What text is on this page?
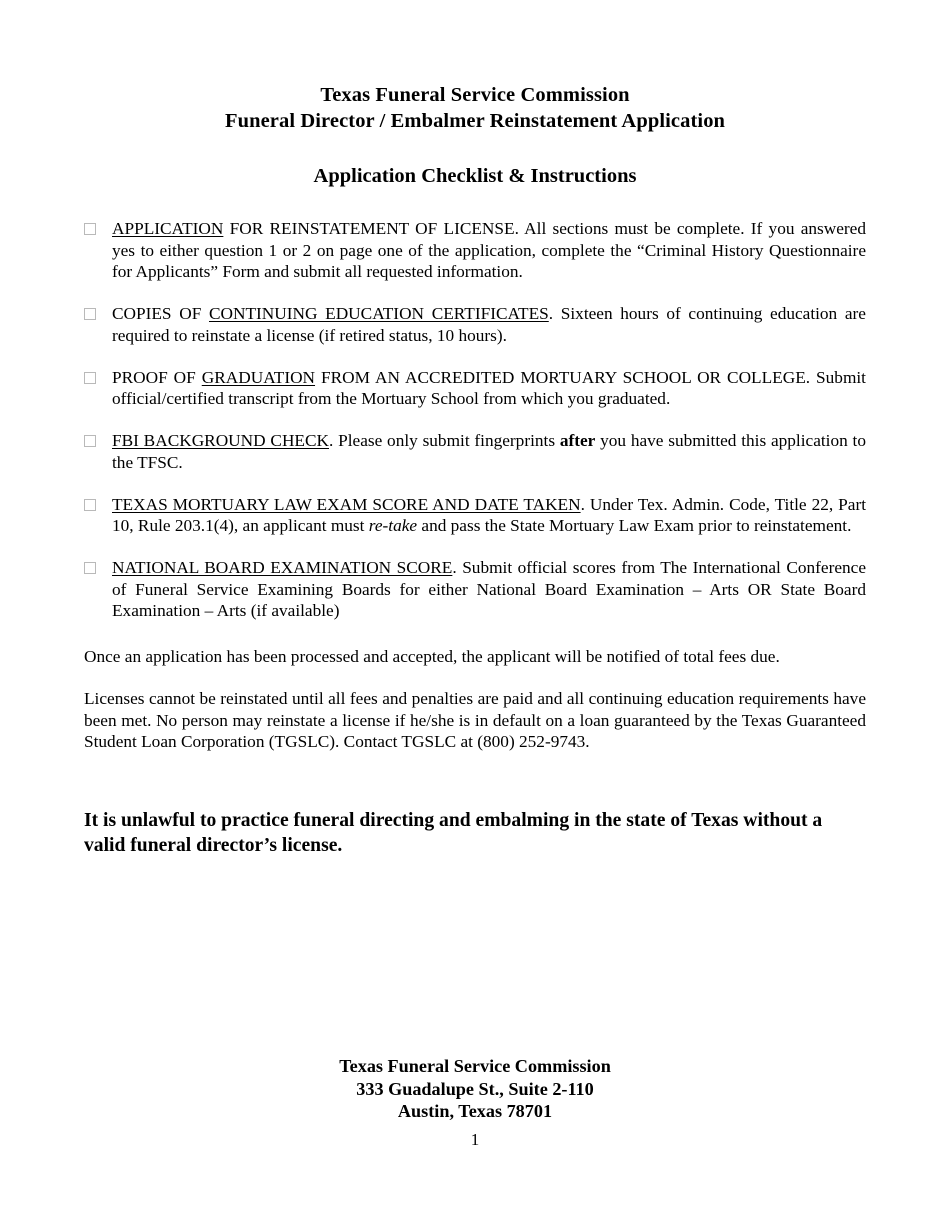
Texas Funeral Service Commission
Funeral Director / Embalmer Reinstatement Application
Application Checklist & Instructions
APPLICATION FOR REINSTATEMENT OF LICENSE. All sections must be complete. If you answered yes to either question 1 or 2 on page one of the application, complete the “Criminal History Questionnaire for Applicants” Form and submit all requested information.
COPIES OF CONTINUING EDUCATION CERTIFICATES. Sixteen hours of continuing education are required to reinstate a license (if retired status, 10 hours).
PROOF OF GRADUATION FROM AN ACCREDITED MORTUARY SCHOOL OR COLLEGE. Submit official/certified transcript from the Mortuary School from which you graduated.
FBI BACKGROUND CHECK. Please only submit fingerprints after you have submitted this application to the TFSC.
TEXAS MORTUARY LAW EXAM SCORE AND DATE TAKEN. Under Tex. Admin. Code, Title 22, Part 10, Rule 203.1(4), an applicant must re-take and pass the State Mortuary Law Exam prior to reinstatement.
NATIONAL BOARD EXAMINATION SCORE. Submit official scores from The International Conference of Funeral Service Examining Boards for either National Board Examination – Arts OR State Board Examination – Arts (if available)

Once an application has been processed and accepted, the applicant will be notified of total fees due.

Licenses cannot be reinstated until all fees and penalties are paid and all continuing education requirements have been met. No person may reinstate a license if he/she is in default on a loan guaranteed by the Texas Guaranteed Student Loan Corporation (TGSLC). Contact TGSLC at (800) 252-9743.

It is unlawful to practice funeral directing and embalming in the state of Texas without a valid funeral director’s license.
Texas Funeral Service Commission
333 Guadalupe St., Suite 2-110
Austin, Texas 78701
1
